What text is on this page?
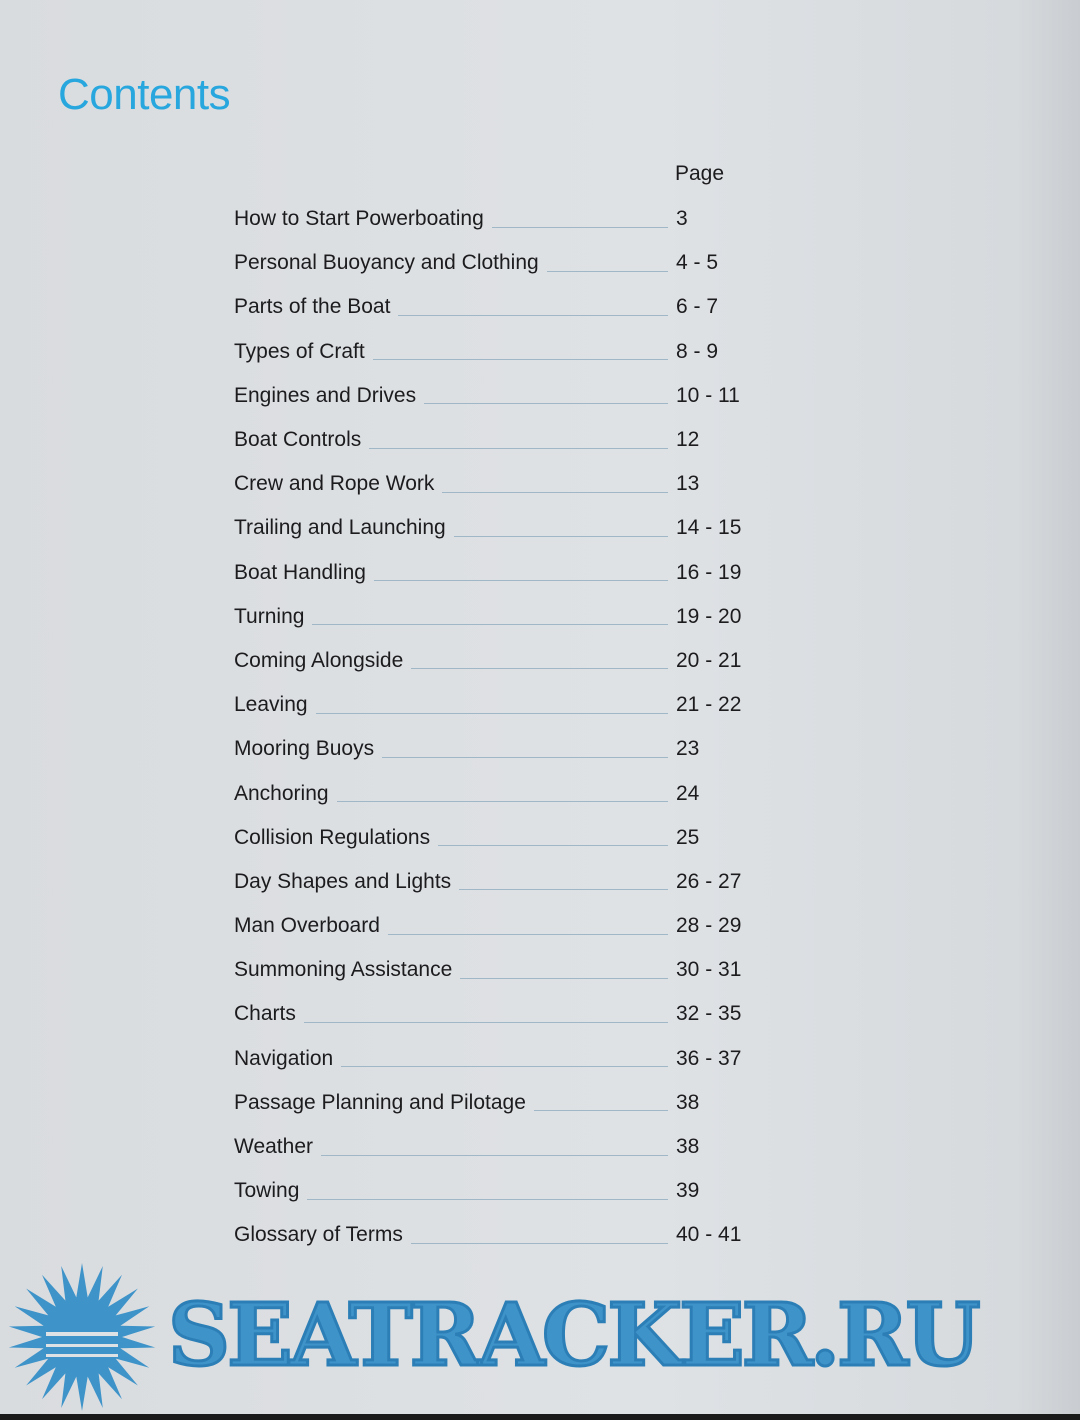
Contents
Page
How to Start Powerboating	3
Personal Buoyancy and Clothing	4 - 5
Parts of the Boat	6 - 7
Types of Craft	8 - 9
Engines and Drives	10 - 11
Boat Controls	12
Crew and Rope Work	13
Trailing and Launching	14 - 15
Boat Handling	16 - 19
Turning	19 - 20
Coming Alongside	20 - 21
Leaving	21 - 22
Mooring Buoys	23
Anchoring	24
Collision Regulations	25
Day Shapes and Lights	26 - 27
Man Overboard	28 - 29
Summoning Assistance	30 - 31
Charts	32 - 35
Navigation	36 - 37
Passage Planning and Pilotage	38
Weather	38
Towing	39
Glossary of Terms	40 - 41
SEATRACKER.RU
